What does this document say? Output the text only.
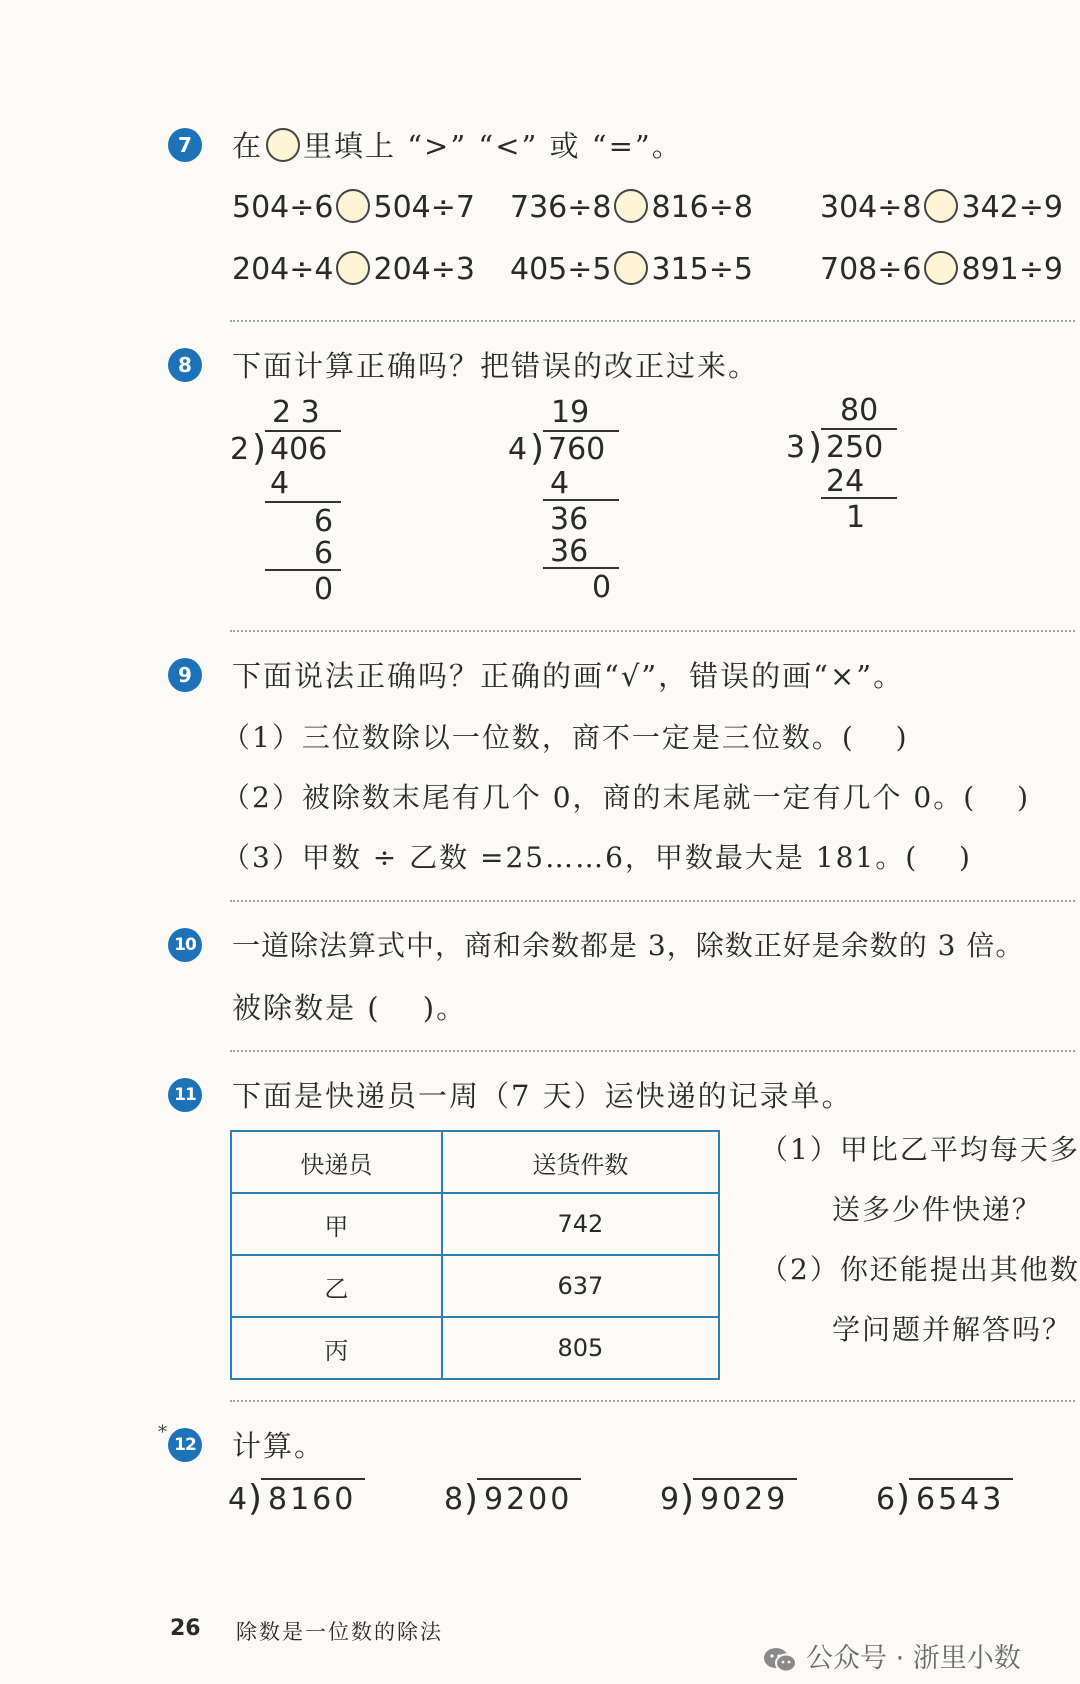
7	在 里填上 “>” “<” 或 “=”。
504÷6 504÷7 736÷8 816÷8 304÷8 342÷9
204÷4 204÷3 405÷5 315÷5 708÷6 891÷9
8	下面计算正确吗？把错误的改正过来。
2 3
2 ) 406
4
6
6
0
19
4 ) 760
4
36
36
0
80
3 ) 250
24
1
9	下面说法正确吗？正确的画“√”，错误的画“×”。
（1）三位数除以一位数，商不一定是三位数。(　 )
（2）被除数末尾有几个 0，商的末尾就一定有几个 0。(　 )
（3）甲数 ÷ 乙数 =25……6，甲数最大是 181。(　 )
10 一道除法算式中，商和余数都是 3，除数正好是余数的 3 倍。
被除数是 (　 )。
11 下面是快递员一周（7 天）运快递的记录单。
快递员	送货件数
甲	742
乙	637
丙	805
（1）甲比乙平均每天多
送多少件快递？
（2）你还能提出其他数
学问题并解答吗？
*
12 计算。
4 ) 8160	8 ) 9200	9 ) 9029	6 ) 6543
26 除数是一位数的除法
公众号 · 浙里小数
